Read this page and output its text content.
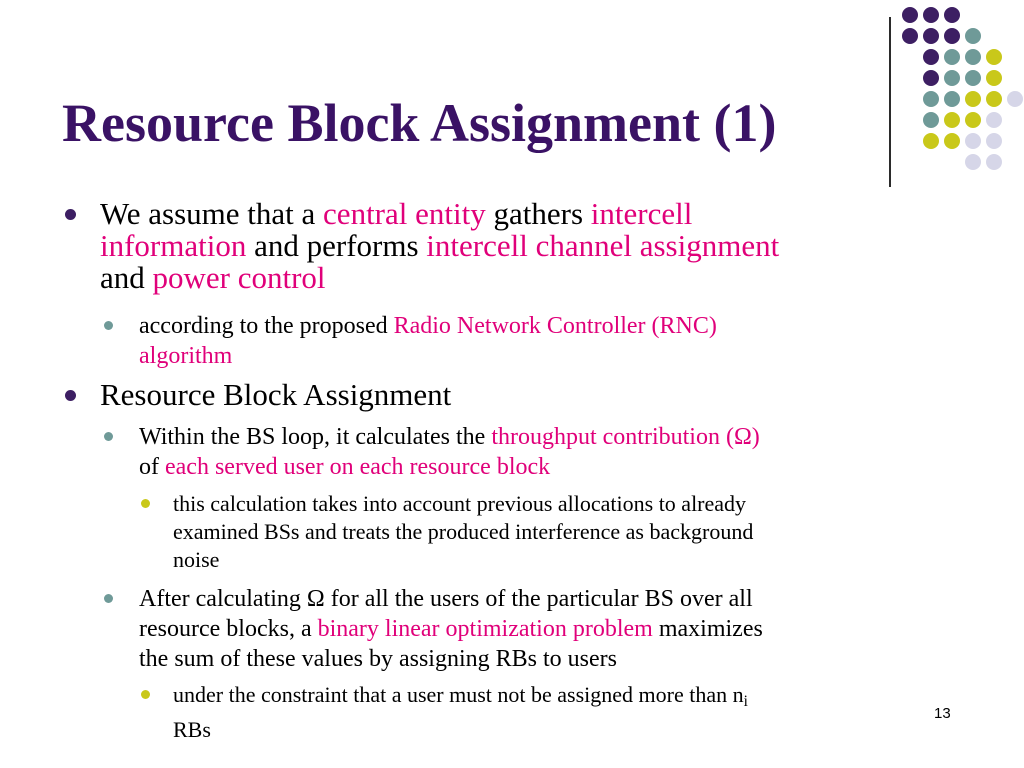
Resource Block Assignment (1)
We assume that a central entity gathers intercell
information and performs intercell channel assignment
and power control
according to the proposed Radio Network Controller (RNC)
algorithm
Resource Block Assignment
Within the BS loop, it calculates the throughput contribution (Ω)
of each served user on each resource block
this calculation takes into account previous allocations to already
examined BSs and treats the produced interference as background
noise
After calculating Ω for all the users of the particular BS over all
resource blocks, a binary linear optimization problem maximizes
the sum of these values by assigning RBs to users
under the constraint that a user must not be assigned more than $n_i$
RBs
13
